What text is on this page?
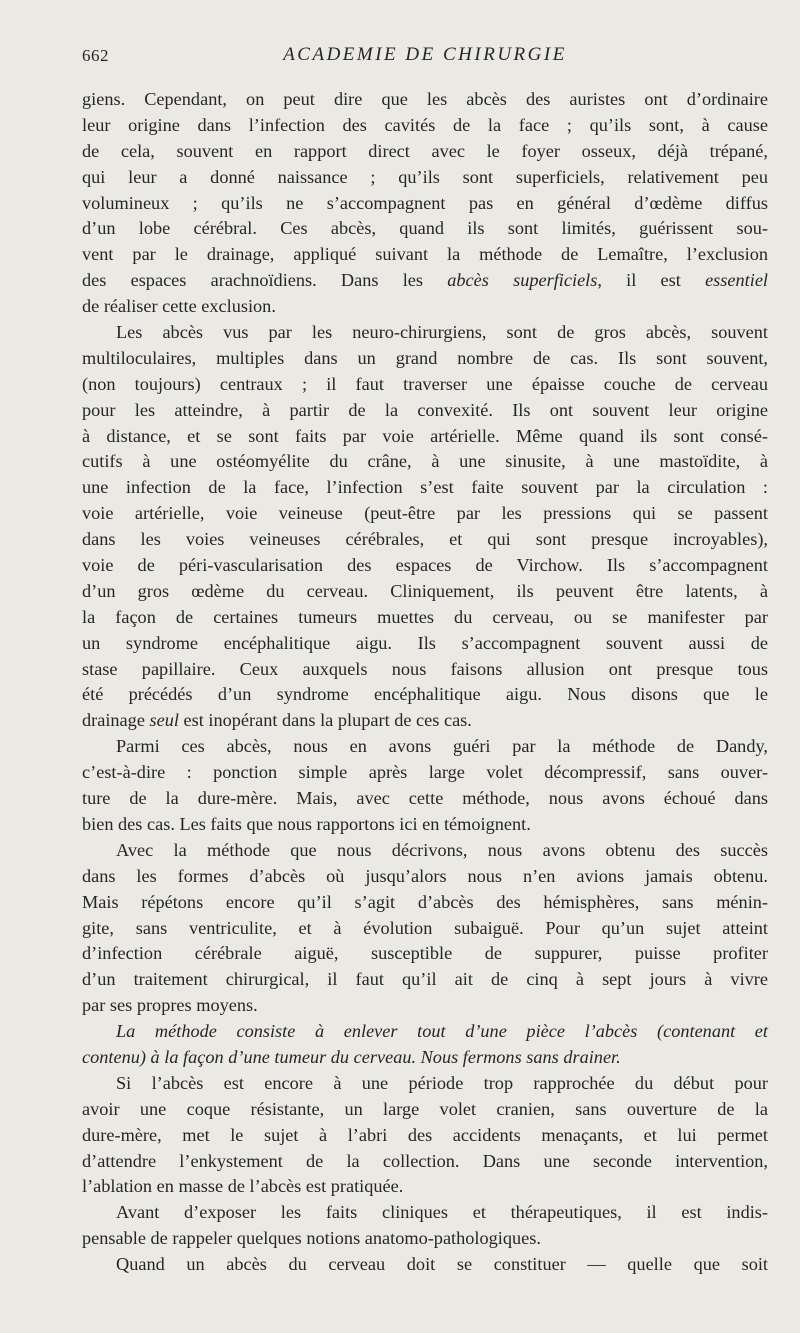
662	ACADEMIE DE CHIRURGIE
giens. Cependant, on peut dire que les abcès des auristes ont d’ordinaire
leur origine dans l’infection des cavités de la face ; qu’ils sont, à cause
de cela, souvent en rapport direct avec le foyer osseux, déjà trépané,
qui leur a donné naissance ; qu’ils sont superficiels, relativement peu
volumineux ; qu’ils ne s’accompagnent pas en général d’œdème diffus
d’un lobe cérébral. Ces abcès, quand ils sont limités, guérissent sou-
vent par le drainage, appliqué suivant la méthode de Lemaître, l’exclusion
des espaces arachnoïdiens. Dans les abcès superficiels, il est essentiel
de réaliser cette exclusion.
Les abcès vus par les neuro-chirurgiens, sont de gros abcès, souvent
multiloculaires, multiples dans un grand nombre de cas. Ils sont souvent,
(non toujours) centraux ; il faut traverser une épaisse couche de cerveau
pour les atteindre, à partir de la convexité. Ils ont souvent leur origine
à distance, et se sont faits par voie artérielle. Même quand ils sont consé-
cutifs à une ostéomyélite du crâne, à une sinusite, à une mastoïdite, à
une infection de la face, l’infection s’est faite souvent par la circulation :
voie artérielle, voie veineuse (peut-être par les pressions qui se passent
dans les voies veineuses cérébrales, et qui sont presque incroyables),
voie de péri-vascularisation des espaces de Virchow. Ils s’accompagnent
d’un gros œdème du cerveau. Cliniquement, ils peuvent être latents, à
la façon de certaines tumeurs muettes du cerveau, ou se manifester par
un syndrome encéphalitique aigu. Ils s’accompagnent souvent aussi de
stase papillaire. Ceux auxquels nous faisons allusion ont presque tous
été précédés d’un syndrome encéphalitique aigu. Nous disons que le
drainage seul est inopérant dans la plupart de ces cas.
Parmi ces abcès, nous en avons guéri par la méthode de Dandy,
c’est-à-dire : ponction simple après large volet décompressif, sans ouver-
ture de la dure-mère. Mais, avec cette méthode, nous avons échoué dans
bien des cas. Les faits que nous rapportons ici en témoignent.
Avec la méthode que nous décrivons, nous avons obtenu des succès
dans les formes d’abcès où jusqu’alors nous n’en avions jamais obtenu.
Mais répétons encore qu’il s’agit d’abcès des hémisphères, sans ménin-
gite, sans ventriculite, et à évolution subaiguë. Pour qu’un sujet atteint
d’infection cérébrale aiguë, susceptible de suppurer, puisse profiter
d’un traitement chirurgical, il faut qu’il ait de cinq à sept jours à vivre
par ses propres moyens.
La méthode consiste à enlever tout d’une pièce l’abcès (contenant et
contenu) à la façon d’une tumeur du cerveau. Nous fermons sans drainer.
Si l’abcès est encore à une période trop rapprochée du début pour
avoir une coque résistante, un large volet cranien, sans ouverture de la
dure-mère, met le sujet à l’abri des accidents menaçants, et lui permet
d’attendre l’enkystement de la collection. Dans une seconde intervention,
l’ablation en masse de l’abcès est pratiquée.
Avant d’exposer les faits cliniques et thérapeutiques, il est indis-
pensable de rappeler quelques notions anatomo-pathologiques.
Quand un abcès du cerveau doit se constituer — quelle que soit
